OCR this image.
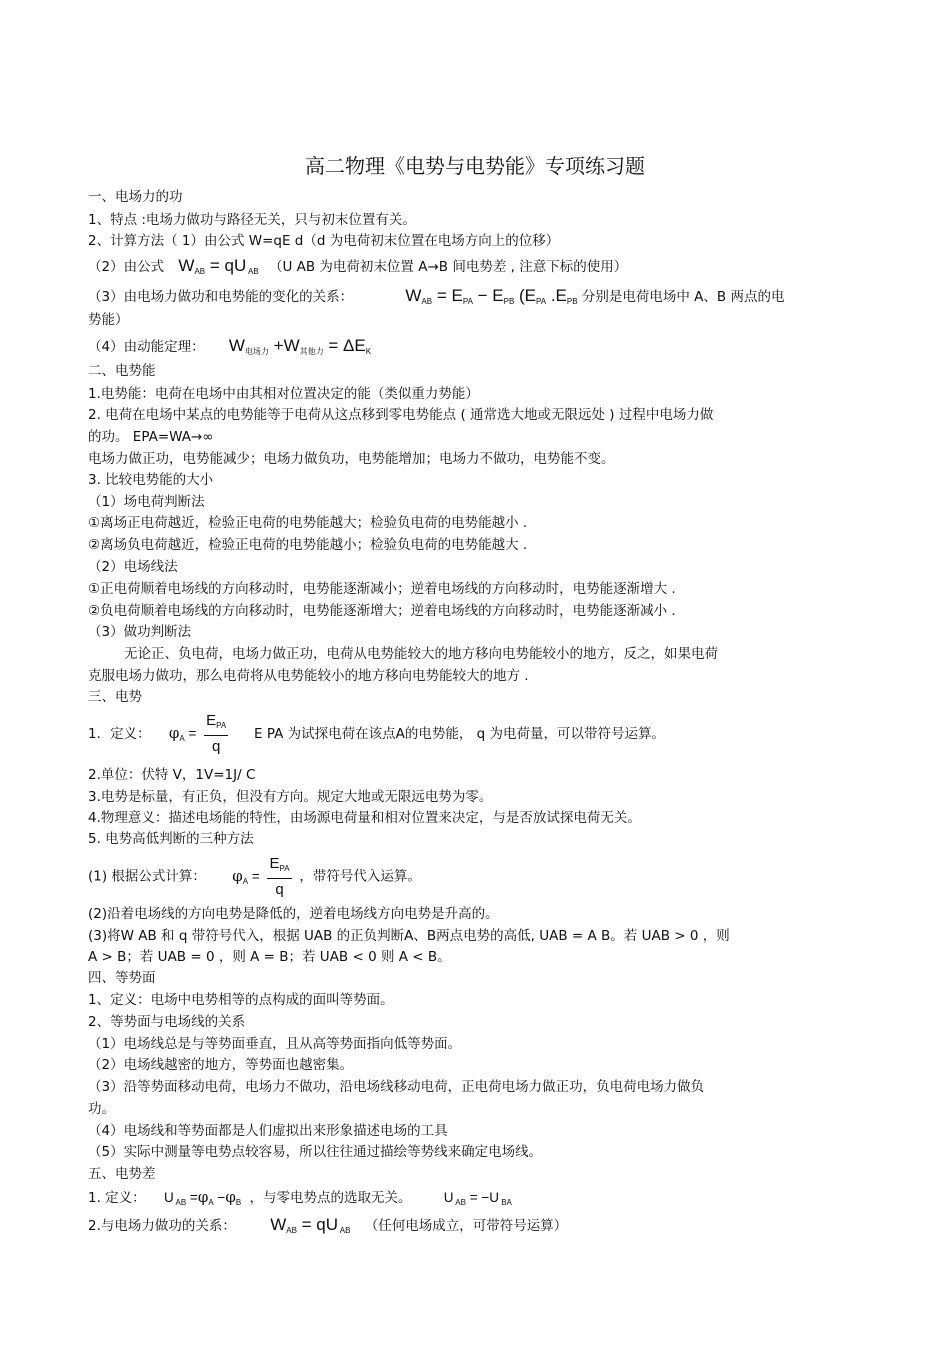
高二物理《电势与电势能》专项练习题
一、电场力的功
1、特点 :电场力做功与路径无关，只与初末位置有关。
2、计算方法（ 1）由公式 W=qE d（d 为电荷初末位置在电场方向上的位移）
（2）由公式 $W_{AB}$ = qU $_{AB}$ （U AB 为电荷初末位置 A→B 间电势差 , 注意下标的使用）
（3）由电场力做功和电势能的变化的关系：	$W_{AB} = E_{PA} - E_{PB}$ ($E_{PA}$ $.E_{PB}$ 分别是电荷电场中 A、B 两点的电
势能）
（4）由动能定理： $W_{电场力} +W_{其他力} = \Delta E_K$
二、电势能
1.电势能：电荷在电场中由其相对位置决定的能（类似重力势能）
2. 电荷在电场中某点的电势能等于电荷从这点移到零电势能点 ( 通常选大地或无限远处 ) 过程中电场力做
的功。 EPA=WA→∞
电场力做正功，电势能减少；电场力做负功，电势能增加；电场力不做功，电势能不变。
3. 比较电势能的大小
（1）场电荷判断法
①离场正电荷越近，检验正电荷的电势能越大；检验负电荷的电势能越小 .
②离场负电荷越近，检验正电荷的电势能越小；检验负电荷的电势能越大 .
（2）电场线法
①正电荷顺着电场线的方向移动时，电势能逐渐减小；逆着电场线的方向移动时，电势能逐渐增大 .
②负电荷顺着电场线的方向移动时，电势能逐渐增大；逆着电场线的方向移动时，电势能逐渐减小 .
（3）做功判断法
无论正、负电荷，电场力做正功，电荷从电势能较大的地方移向电势能较小的地方，反之，如果电荷
克服电场力做功，那么电荷将从电势能较小的地方移向电势能较大的地方 .
三、电势
1．定义： $\varphi_A = \frac{E_{PA}}{q}$ E PA 为试探电荷在该点A的电势能， q 为电荷量，可以带符号运算。
2.单位：伏特 V，1V=1J/ C
3.电势是标量，有正负，但没有方向。规定大地或无限远电势为零。
4.物理意义：描述电场能的特性，由场源电荷量和相对位置来决定，与是否放试探电荷无关。
5. 电势高低判断的三种方法
(1) 根据公式计算： $\varphi_A = \frac{E_{PA}}{q}$ ，带符号代入运算。
(2)沿着电场线的方向电势是降低的，逆着电场线方向电势是升高的。
(3)将W AB 和 q 带符号代入，根据 UAB 的正负判断A、B两点电势的高低, UAB = A B。若 UAB > 0 ，则
A > B；若 UAB = 0 ，则 A = B；若 UAB < 0 则 A < B。
四、等势面
1、定义：电场中电势相等的点构成的面叫等势面。
2、等势面与电场线的关系
（1）电场线总是与等势面垂直，且从高等势面指向低等势面。
（2）电场线越密的地方，等势面也越密集。
（3）沿等势面移动电荷，电场力不做功，沿电场线移动电荷，正电荷电场力做正功，负电荷电场力做负
功。
（4）电场线和等势面都是人们虚拟出来形象描述电场的工具
（5）实际中测量等电势点较容易，所以往往通过描绘等势线来确定电场线。
五、电势差
1. 定义： U $_{AB} =\varphi_A -\varphi_B$ ，与零电势点的选取无关。 U $_{AB}$ = −U $_{BA}$
2.与电场力做功的关系： $W_{AB}$ = qU $_{AB}$ （任何电场成立，可带符号运算）
